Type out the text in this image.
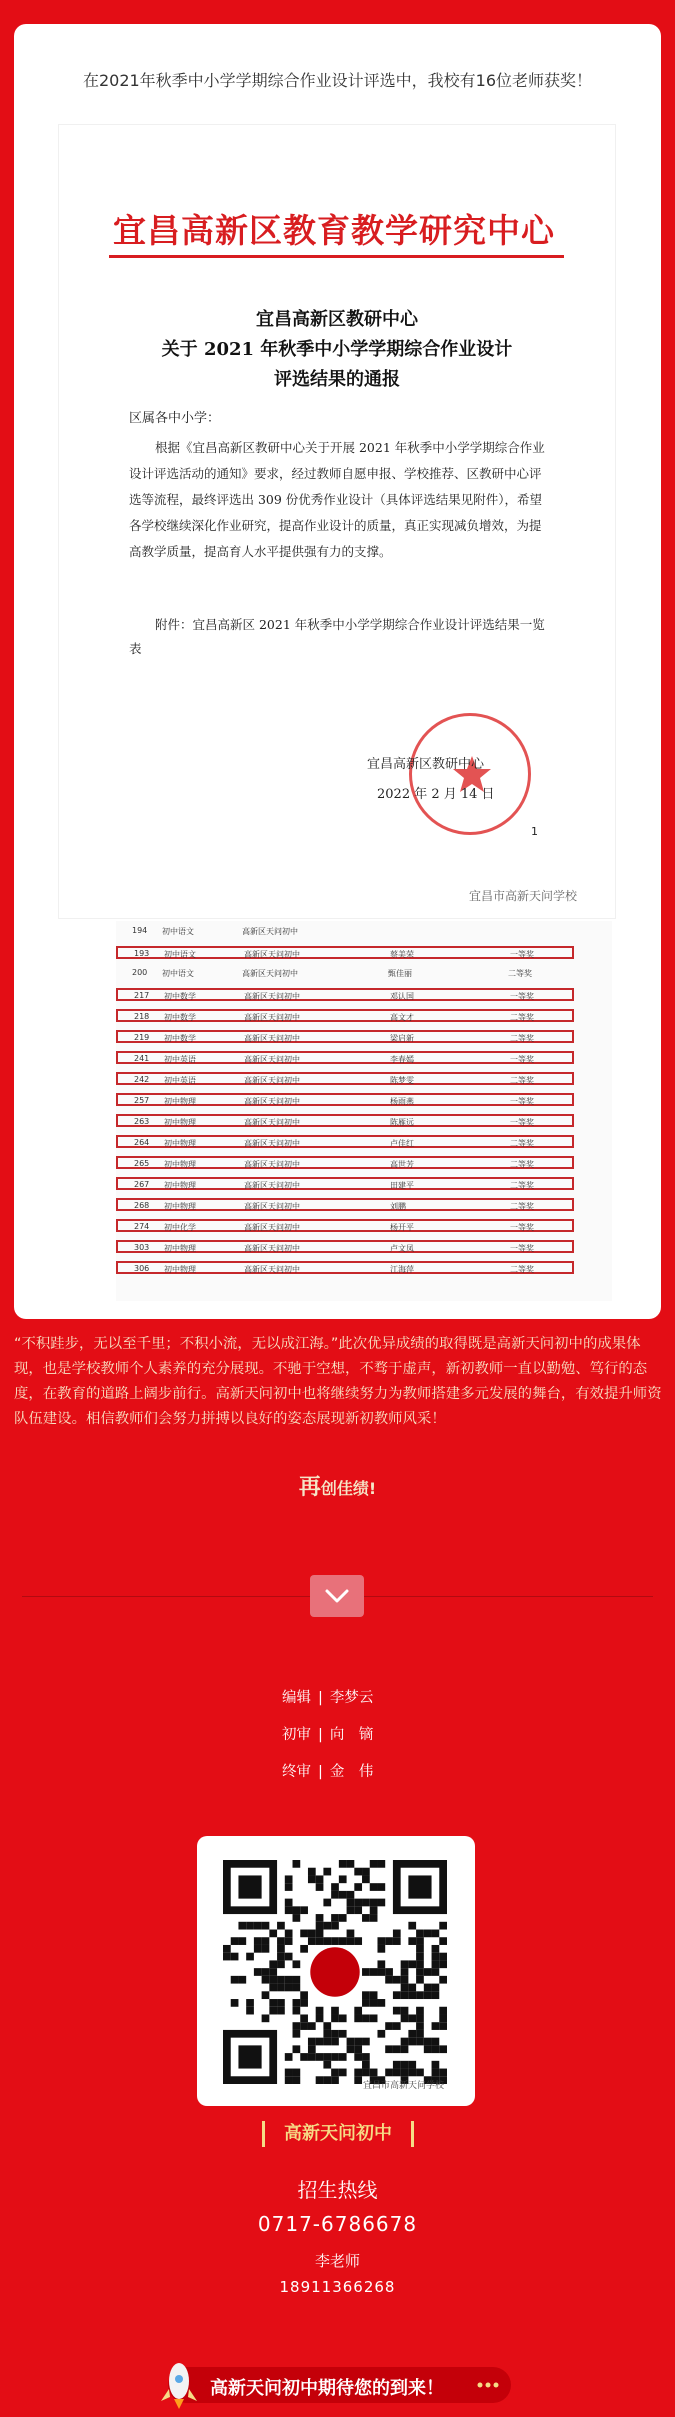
在2021年秋季中小学学期综合作业设计评选中，我校有16位老师获奖！
宜昌高新区教育教学研究中心
宜昌高新区教研中心
关于 2021 年秋季中小学学期综合作业设计
评选结果的通报
区属各中小学：
根据《宜昌高新区教研中心关于开展 2021 年秋季中小学学期综合作业设计评选活动的通知》要求，经过教师自愿申报、学校推荐、区教研中心评选等流程，最终评选出 309 份优秀作业设计（具体评选结果见附件），希望各学校继续深化作业研究，提高作业设计的质量，真正实现减负增效，为提高教学质量，提高育人水平提供强有力的支撑。
附件：宜昌高新区 2021 年秋季中小学学期综合作业设计评选结果一览表
宜昌高新区教研中心
2022 年 2 月 14 日
1
宜昌市高新天问学校
194 初中语文	高新区天问初中
193 初中语文	高新区天问初中	蔡美荣	一等奖
200 初中语文	高新区天问初中	甄佳丽	二等奖
217 初中数学	高新区天问初中	邓认国	一等奖
218 初中数学	高新区天问初中	高文才	二等奖
219 初中数学	高新区天问初中	梁启新	二等奖
241 初中英语	高新区天问初中	李春嫣	一等奖
242 初中英语	高新区天问初中	陈梦雯	二等奖
257 初中物理	高新区天问初中	杨雨燕	一等奖
263 初中物理	高新区天问初中	陈雁远	一等奖
264 初中物理	高新区天问初中	卢佳红	二等奖
265 初中物理	高新区天问初中	高世芳	二等奖
267 初中物理	高新区天问初中	田建平	二等奖
268 初中物理	高新区天问初中	刘鹏	二等奖
274 初中化学	高新区天问初中	杨开平	一等奖
303 初中物理	高新区天问初中	卢文凤	一等奖
306 初中物理	高新区天问初中	江海萍	二等奖
“不积跬步，无以至千里；不积小流，无以成江海。”此次优异成绩的取得既是高新天问初中的成果体现，也是学校教师个人素养的充分展现。不驰于空想，不骛于虚声，新初教师一直以勤勉、笃行的态度，在教育的道路上阔步前行。高新天问初中也将继续努力为教师搭建多元发展的舞台，有效提升师资队伍建设。相信教师们会努力拼搏以良好的姿态展现新初教师风采！
再创佳绩!
编辑 | 李梦云
初审 | 向　镝
终审 | 金　伟
宜昌市高新天问学校
高新天问初中
招生热线
0717-6786678
李老师
18911366268
高新天问初中期待您的到来！
